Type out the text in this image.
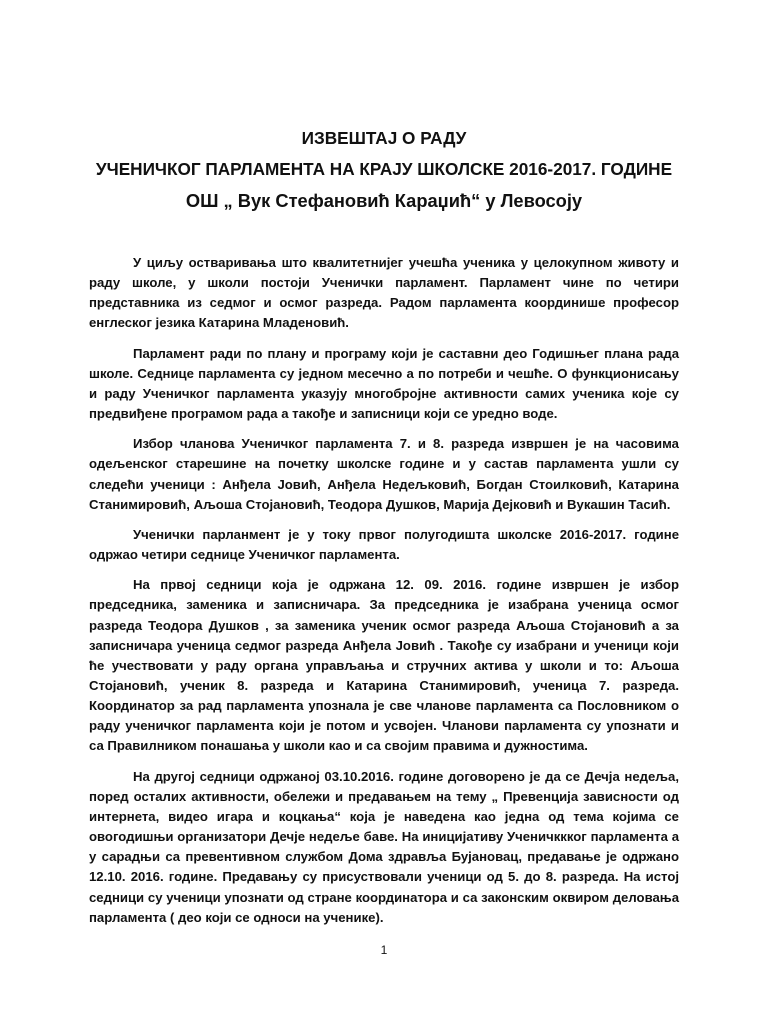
ИЗВЕШТАЈ О РАДУ
УЧЕНИЧКОГ ПАРЛАМЕНТА НА КРАЈУ ШКОЛСКЕ 2016-2017. ГОДИНЕ
ОШ „ Вук Стефановић Караџић“ у Левосоју

У циљу остваривања што квалитетнијег учешћа ученика у целокупном животу и раду школе, у школи постоји Ученички парламент. Парламент чине по четири представника из седмог и осмог разреда. Радом парламента координише професор енглеског језика Катарина Младеновић.

Парламент ради по плану и програму који је саставни део Годишњег плана рада школе. Седнице парламента су једном месечно а по потреби и чешће. О функционисању и раду Ученичког парламента указују многобројне активности самих ученика које су предвиђене програмом рада а такође и записници који се уредно воде.

Избор чланова Ученичког парламента 7. и 8. разреда извршен је на часовима одељенског старешине на почетку школске године и у састав парламента ушли су следећи ученици : Анђела Јовић, Анђела Недељковић, Богдан Стоилковић, Катарина Станимировић, Аљоша Стојановић, Теодора Душков, Марија Дејковић и Вукашин Тасић.

Ученички парланмент је у току првог полугодишта школске 2016-2017. године одржао четири седнице Ученичког парламента.

На првој седници која је одржана 12. 09. 2016. године извршен је избор председника, заменика и записничара. За председника је изабрана ученица осмог разреда Теодора Душков , за заменика ученик осмог разреда Аљоша Стојановић а за записничара ученица седмог разреда Анђела Јовић . Такође су изабрани и ученици који ће учествовати у раду органа управљања и стручних актива у школи и то: Аљоша Стојановић, ученик 8. разреда и Катарина Станимировић, ученица 7. разреда. Координатор за рад парламента упознала је све чланове парламента са Пословником о раду ученичког парламента који је потом и усвојен. Чланови парламента су упознати и са Правилником понашања у школи као и са својим правима и дужностима.

На другој седници одржаној 03.10.2016. године договорено је да се Дечја недеља, поред осталих активности, обележи и предавањем на тему „ Превенција зависности од интернета, видео игара и коцкања“ која је наведена као једна од тема којима се овогодишњи организатори Дечје недеље баве. На иницијативу Ученичккког парламента а у сарадњи са превентивном службом Дома здравља Бујановац, предавање је одржано 12.10. 2016. године. Предавању су присуствовали ученици од 5. до 8. разреда. На истој седници су ученици упознати од стране координатора и са законским оквиром деловања парламента ( део који се односи на ученике).

1
